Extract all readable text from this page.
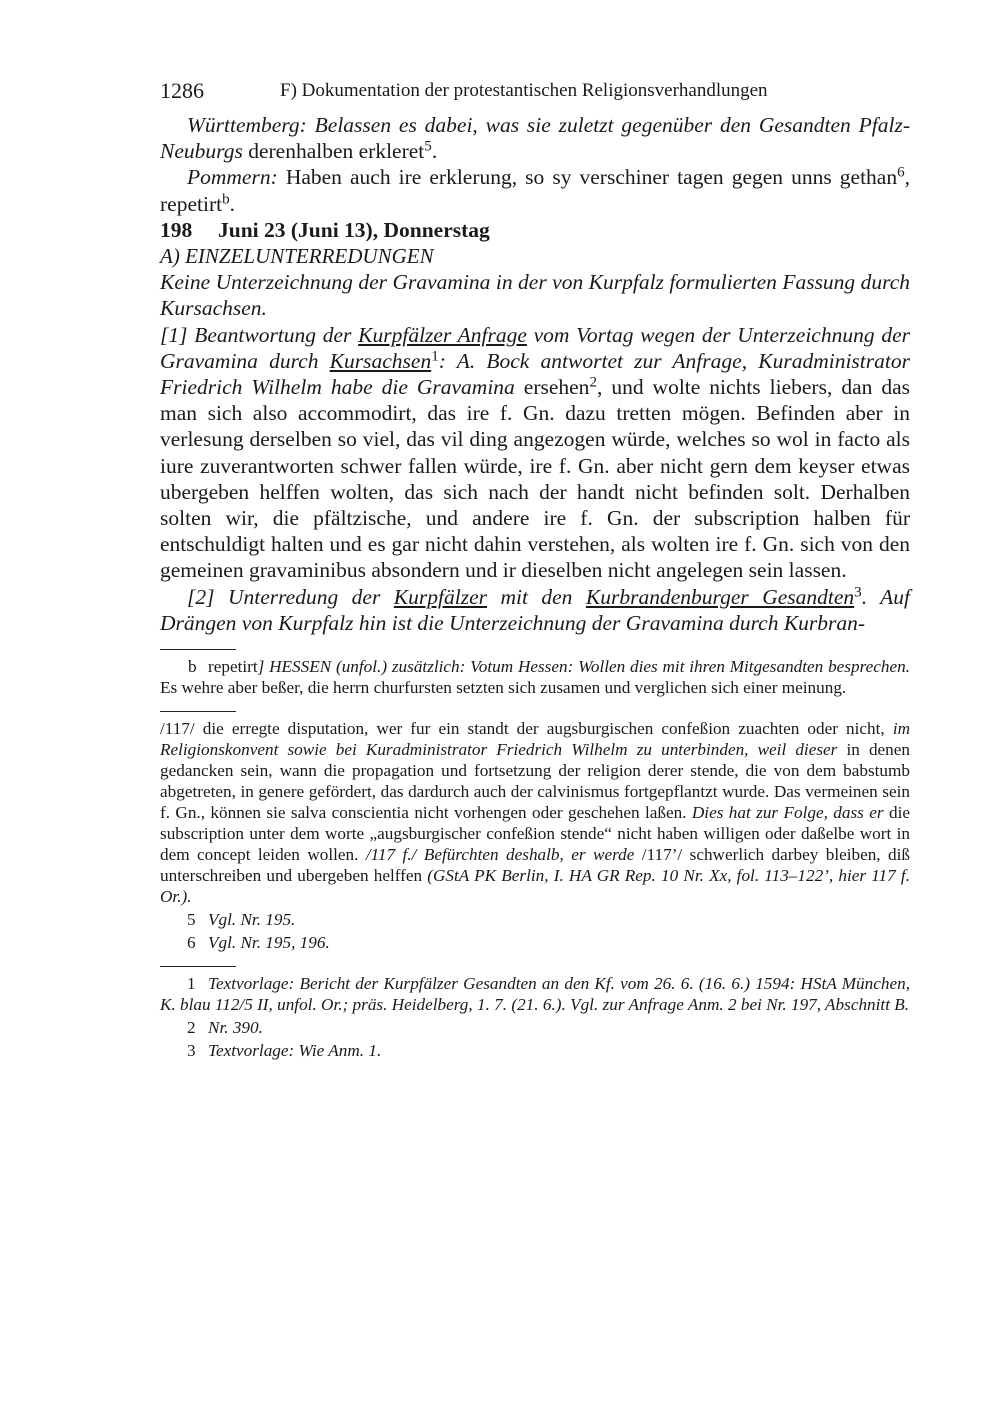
1286	F) Dokumentation der protestantischen Religionsverhandlungen

Württemberg: Belassen es dabei, was sie zuletzt gegenüber den Gesandten Pfalz-Neuburgs derenhalben erkleret$^5$.

Pommern: Haben auch ire erklerung, so sy verschiner tagen gegen unns gethan$^6$, repetirt$^b$.

198 Juni 23 (Juni 13), Donnerstag

A) EINZELUNTERREDUNGEN

Keine Unterzeichnung der Gravamina in der von Kurpfalz formulierten Fassung durch Kursachsen.

[1] Beantwortung der Kurpfälzer Anfrage vom Vortag wegen der Unterzeichnung der Gravamina durch Kursachsen$^1$: A. Bock antwortet zur Anfrage, Kuradministrator Friedrich Wilhelm habe die Gravamina ersehen$^2$, und wolte nichts liebers, dan das man sich also accommodirt, das ire f. Gn. dazu tretten mögen. Befinden aber in verlesung derselben so viel, das vil ding angezogen würde, welches so wol in facto als iure zuverantworten schwer fallen würde, ire f. Gn. aber nicht gern dem keyser etwas ubergeben helffen wolten, das sich nach der handt nicht befinden solt. Derhalben solten wir, die pfältzische, und andere ire f. Gn. der subscription halben für entschuldigt halten und es gar nicht dahin verstehen, als wolten ire f. Gn. sich von den gemeinen gravaminibus absondern und ir dieselben nicht angelegen sein lassen.

[2] Unterredung der Kurpfälzer mit den Kurbrandenburger Gesandten$^3$. Auf Drängen von Kurpfalz hin ist die Unterzeichnung der Gravamina durch Kurbran-

b repetirt] HESSEN (unfol.) zusätzlich: Votum Hessen: Wollen dies mit ihren Mitgesandten besprechen. Es wehre aber beßer, die herrn churfursten setzten sich zusamen und verglichen sich einer meinung.

/117/ die erregte disputation, wer fur ein standt der augsburgischen confeßion zuachten oder nicht, im Religionskonvent sowie bei Kuradministrator Friedrich Wilhelm zu unterbinden, weil dieser in denen gedancken sein, wann die propagation und fortsetzung der religion derer stende, die von dem babstumb abgetreten, in genere gefördert, das dardurch auch der calvinismus fortgepflantzt wurde. Das vermeinen sein f. Gn., können sie salva conscientia nicht vorhengen oder geschehen laßen. Dies hat zur Folge, dass er die subscription unter dem worte „augsburgischer confeßion stende“ nicht haben willigen oder daßelbe wort in dem concept leiden wollen. /117 f./ Befürchten deshalb, er werde /117’/ schwerlich darbey bleiben, diß unterschreiben und ubergeben helffen (GStA PK Berlin, I. HA GR Rep. 10 Nr. Xx, fol. 113–122’, hier 117 f. Or.).

5 Vgl. Nr. 195.

6 Vgl. Nr. 195, 196.

1 Textvorlage: Bericht der Kurpfälzer Gesandten an den Kf. vom 26. 6. (16. 6.) 1594: HStA München, K. blau 112/5 II, unfol. Or.; präs. Heidelberg, 1. 7. (21. 6.). Vgl. zur Anfrage Anm. 2 bei Nr. 197, Abschnitt B.

2 Nr. 390.

3 Textvorlage: Wie Anm. 1.
